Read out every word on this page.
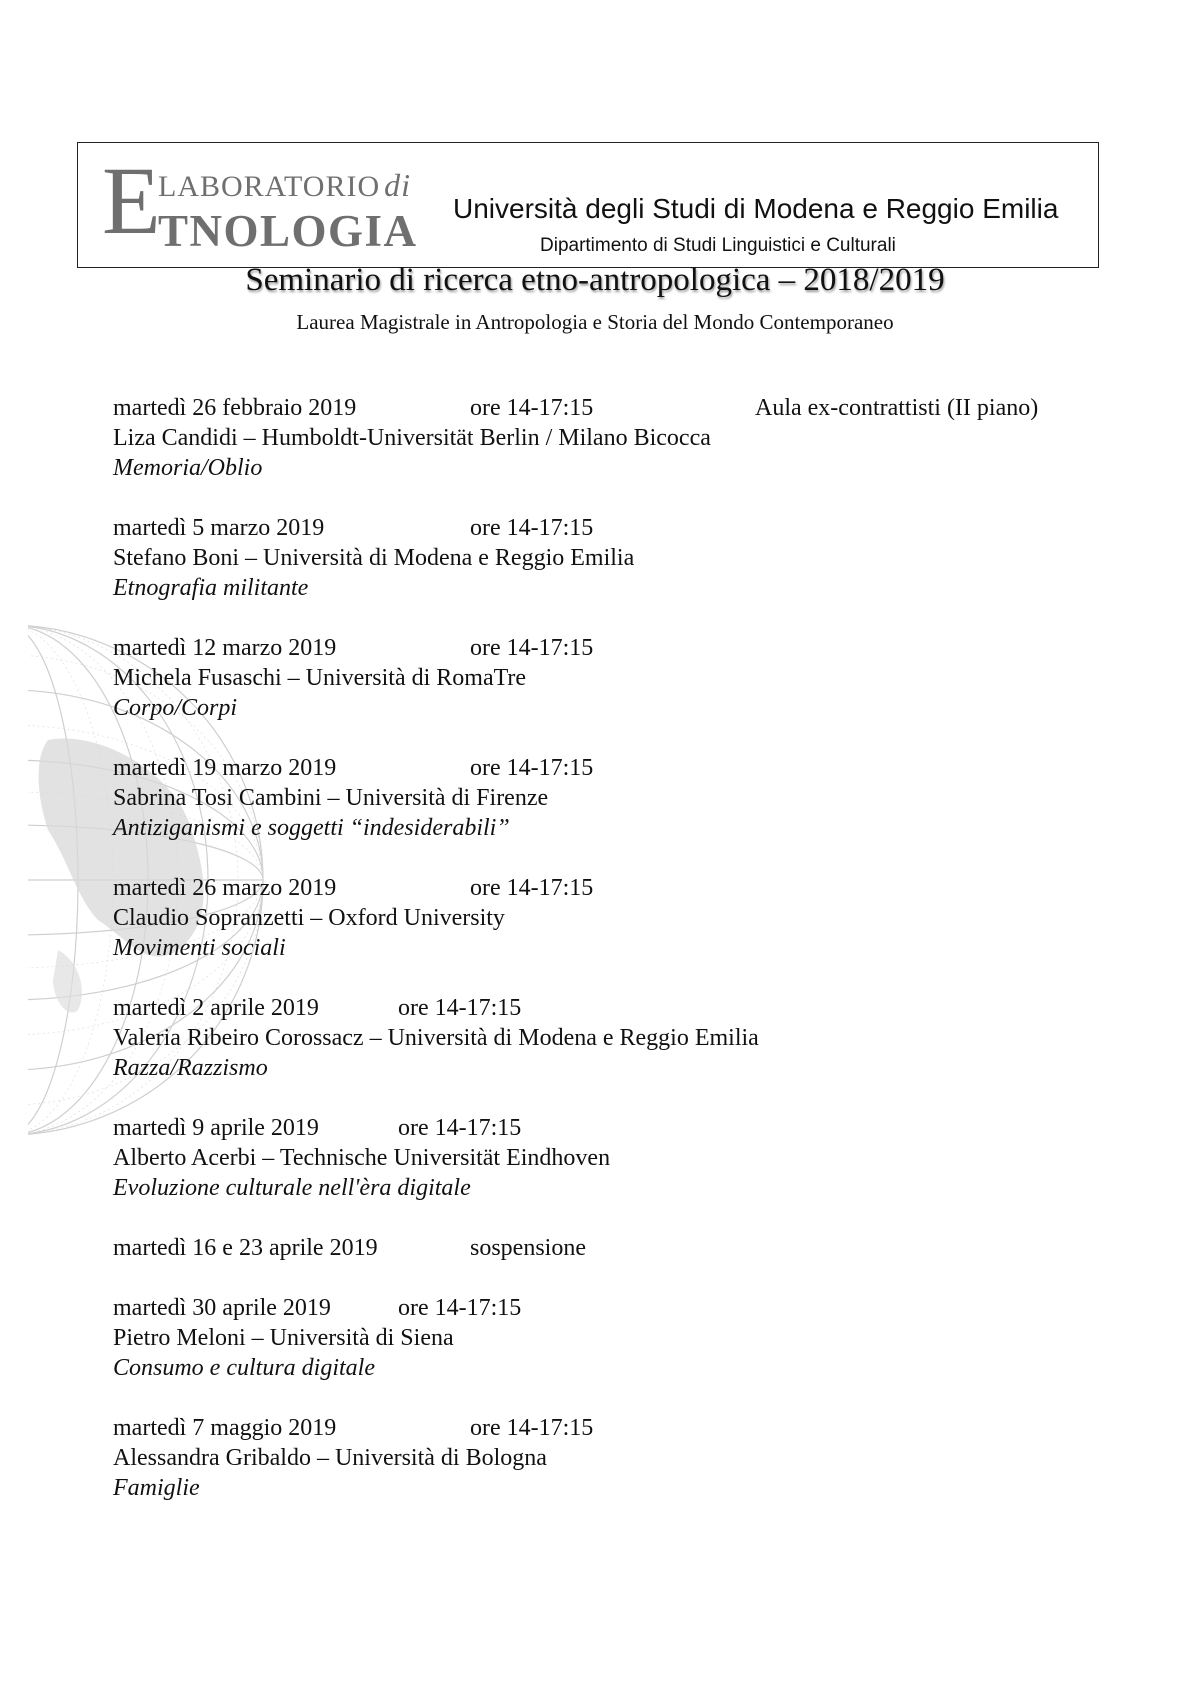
E
LABORATORIO di
TNOLOGIA Università degli Studi di Modena e Reggio Emilia
Dipartimento di Studi Linguistici e Culturali
Seminario di ricerca etno-antropologica – 2018/2019
Laurea Magistrale in Antropologia e Storia del Mondo Contemporaneo
martedì 26 febbraio 2019	ore 14-17:15	Aula ex-contrattisti (II piano)
Liza Candidi – Humboldt-Universität Berlin / Milano Bicocca
Memoria/Oblio
martedì 5 marzo 2019	ore 14-17:15
Stefano Boni – Università di Modena e Reggio Emilia
Etnografia militante
martedì 12 marzo 2019	ore 14-17:15
Michela Fusaschi – Università di RomaTre
Corpo/Corpi
martedì 19 marzo 2019	ore 14-17:15
Sabrina Tosi Cambini – Università di Firenze
Antiziganismi e soggetti “indesiderabili”
martedì 26 marzo 2019	ore 14-17:15
Claudio Sopranzetti – Oxford University
Movimenti sociali
martedì 2 aprile 2019	ore 14-17:15
Valeria Ribeiro Corossacz – Università di Modena e Reggio Emilia
Razza/Razzismo
martedì 9 aprile 2019	ore 14-17:15
Alberto Acerbi – Technische Universität Eindhoven
Evoluzione culturale nell'èra digitale
martedì 16 e 23 aprile 2019	sospensione
martedì 30 aprile 2019	ore 14-17:15
Pietro Meloni – Università di Siena
Consumo e cultura digitale
martedì 7 maggio 2019	ore 14-17:15
Alessandra Gribaldo – Università di Bologna
Famiglie
